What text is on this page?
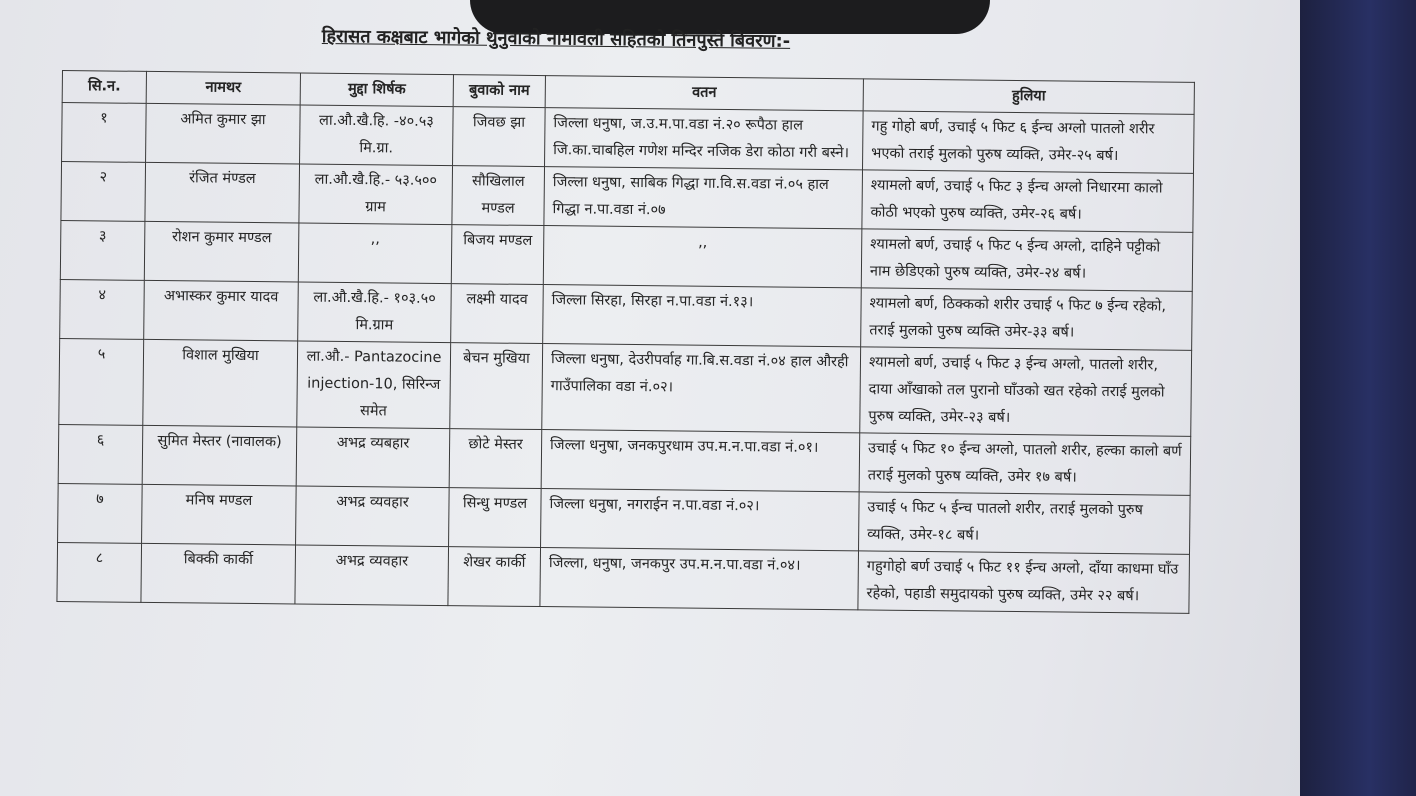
हिरासत कक्षबाट भागेको थुनुवाको नामावली सहितको तिनपुस्ते बिवरण:-
सि.न.	नामथर	मुद्दा शिर्षक	बुवाको नाम	वतन	हुलिया
१	अमित कुमार झा	ला.औ.खै.हि. -४०.५३ मि.ग्रा.	जिवछ झा	जिल्ला धनुषा, ज.उ.म.पा.वडा नं.२० रूपैठा हाल जि.का.चाबहिल गणेश मन्दिर नजिक डेरा कोठा गरी बस्ने।	गहु गोहो बर्ण, उचाई ५ फिट ६ ईन्च अग्लो पातलो शरीर भएको तराई मुलको पुरुष व्यक्ति, उमेर-२५ बर्ष।
२	रंजित मंण्डल	ला.औ.खै.हि.- ५३.५०० ग्राम	सौखिलाल मण्डल	जिल्ला धनुषा, साबिक गिद्धा गा.वि.स.वडा नं.०५ हाल गिद्धा न.पा.वडा नं.०७	श्यामलो बर्ण, उचाई ५ फिट ३ ईन्च अग्लो निधारमा कालो कोठी भएको पुरुष व्यक्ति, उमेर-२६ बर्ष।
३	रोशन कुमार मण्डल	,,	बिजय मण्डल	,,	श्यामलो बर्ण, उचाई ५ फिट ५ ईन्च अग्लो, दाहिने पट्टीको नाम छेडिएको पुरुष व्यक्ति, उमेर-२४ बर्ष।
४	अभास्कर कुमार यादव	ला.औ.खै.हि.- १०३.५० मि.ग्राम	लक्ष्मी यादव	जिल्ला सिरहा, सिरहा न.पा.वडा नं.१३।	श्यामलो बर्ण, ठिक्कको शरीर उचाई ५ फिट ७ ईन्च रहेको, तराई मुलको पुरुष व्यक्ति उमेर-३३ बर्ष।
५	विशाल मुखिया	ला.औ.- Pantazocine injection-10, सिरिन्ज समेत	बेचन मुखिया	जिल्ला धनुषा, देउरीपर्वाह गा.बि.स.वडा नं.०४ हाल औरही गाउँपालिका वडा नं.०२।	श्यामलो बर्ण, उचाई ५ फिट ३ ईन्च अग्लो, पातलो शरीर, दाया आँखाको तल पुरानो घाँउको खत रहेको तराई मुलको पुरुष व्यक्ति, उमेर-२३ बर्ष।
६	सुमित मेस्तर (नावालक)	अभद्र व्यबहार	छोटे मेस्तर	जिल्ला धनुषा, जनकपुरधाम उप.म.न.पा.वडा नं.०१।	उचाई ५ फिट १० ईन्च अग्लो, पातलो शरीर, हल्का कालो बर्ण तराई मुलको पुरुष व्यक्ति, उमेर १७ बर्ष।
७	मनिष मण्डल	अभद्र व्यवहार	सिन्धु मण्डल	जिल्ला धनुषा, नगराईन न.पा.वडा नं.०२।	उचाई ५ फिट ५ ईन्च पातलो शरीर, तराई मुलको पुरुष व्यक्ति, उमेर-१८ बर्ष।
८	बिक्की कार्की	अभद्र व्यवहार	शेखर कार्की	जिल्ला, धनुषा, जनकपुर उप.म.न.पा.वडा नं.०४।	गहुगोहो बर्ण उचाई ५ फिट ११ ईन्च अग्लो, दाँया काधमा घाँउ रहेको, पहाडी समुदायको पुरुष व्यक्ति, उमेर २२ बर्ष।
